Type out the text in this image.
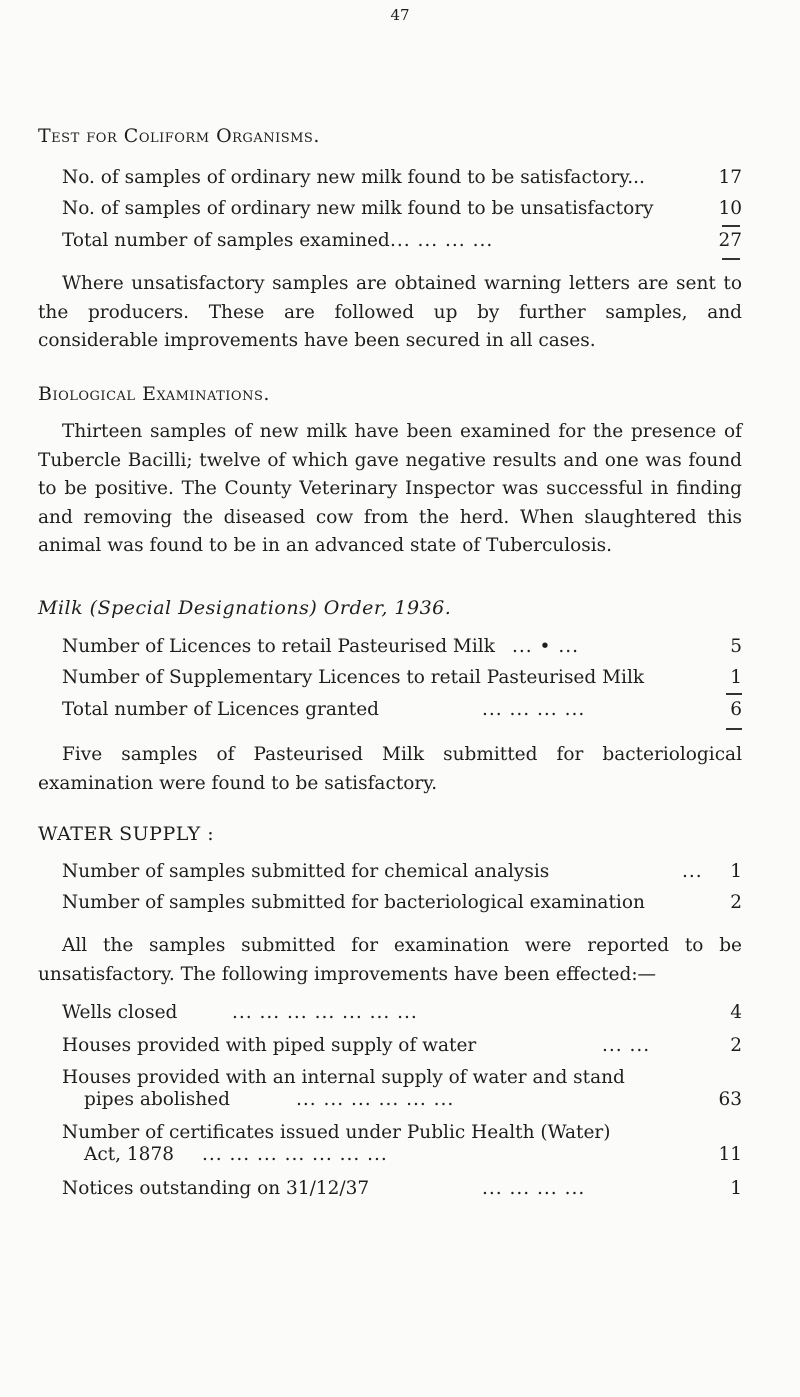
47
Test for Coliform Organisms.
No. of samples of ordinary new milk found to be satisfactory...	17
No. of samples of ordinary new milk found to be unsatisfactory	10
Total number of samples examined ... ... ... ...	27
Where unsatisfactory samples are obtained warning letters are sent to the producers. These are followed up by further samples, and considerable improvements have been secured in all cases.
Biological Examinations.
Thirteen samples of new milk have been examined for the presence of Tubercle Bacilli; twelve of which gave negative results and one was found to be positive. The County Veterinary Inspector was successful in finding and removing the diseased cow from the herd. When slaughtered this animal was found to be in an advanced state of Tuberculosis.
Milk (Special Designations) Order, 1936.
Number of Licences to retail Pasteurised Milk ... • ...	5
Number of Supplementary Licences to retail Pasteurised Milk	1
Total number of Licences granted	... ... ... ...	6
Five samples of Pasteurised Milk submitted for bacteriological examination were found to be satisfactory.
WATER SUPPLY :
Number of samples submitted for chemical analysis	... 1
Number of samples submitted for bacteriological examination	2
All the samples submitted for examination were reported to be unsatisfactory. The following improvements have been effected:—
Wells closed	... ... ... ... ... ... ...	4
Houses provided with piped supply of water	... ...	2
Houses provided with an internal supply of water and stand
pipes abolished	... ... ... ... ... ...	63
Number of certificates issued under Public Health (Water)
Act, 1878 ... ... ... ... ... ... ...	11
Notices outstanding on 31/12/37	... ... ... ...	1
